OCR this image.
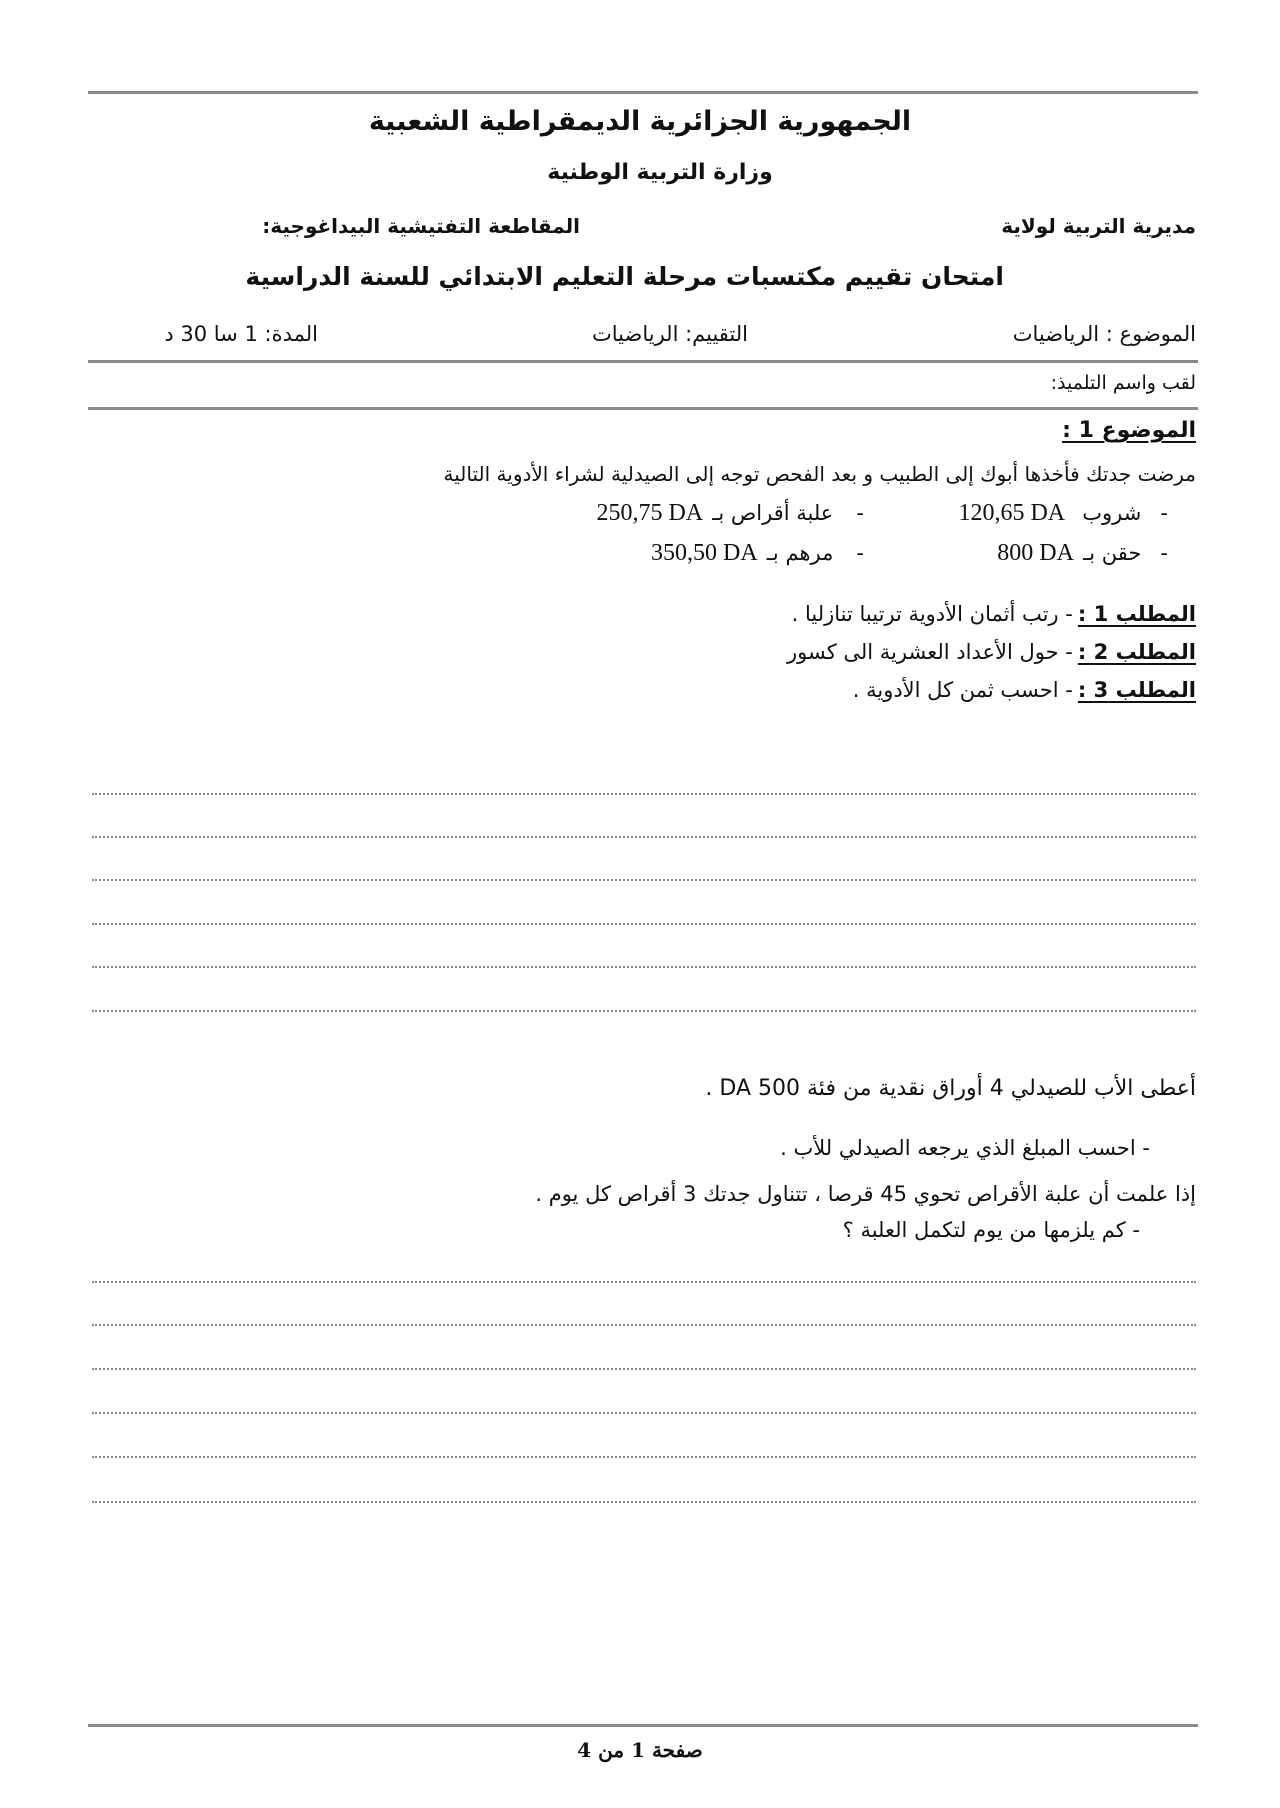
الجمهورية الجزائرية الديمقراطية الشعبية
وزارة التربية الوطنية
مديرية التربية لولاية
المقاطعة التفتيشية البيداغوجية:
امتحان تقييم مكتسبات مرحلة التعليم الابتدائي للسنة الدراسية
الموضوع : الرياضيات
التقييم: الرياضيات
المدة: 1 سا 30 د
لقب واسم التلميذ:
الموضوع 1 :
مرضت جدتك فأخذها أبوك إلى الطبيب و بعد الفحص توجه إلى الصيدلية لشراء الأدوية التالية
- شروب 120,65 DA
- علبة أقراص بـ 250,75 DA
- حقن بـ 800 DA
- مرهم بـ 350,50 DA
المطلب 1 : - رتب أثمان الأدوية ترتيبا تنازليا .
المطلب 2 : - حول الأعداد العشرية الى كسور
المطلب 3 : - احسب ثمن كل الأدوية .
أعطى الأب للصيدلي 4 أوراق نقدية من فئة 500 DA .
- احسب المبلغ الذي يرجعه الصيدلي للأب .
إذا علمت أن علبة الأقراص تحوي 45 قرصا ، تتناول جدتك 3 أقراص كل يوم .
- كم يلزمها من يوم لتكمل العلبة ؟
صفحة 1 من 4
